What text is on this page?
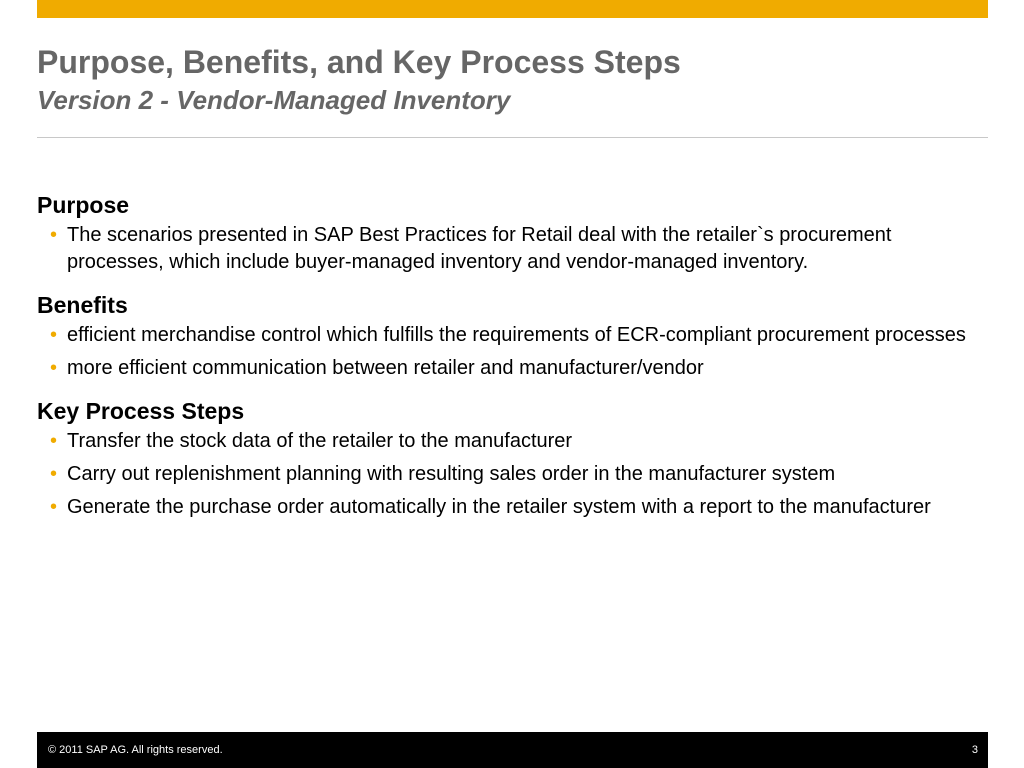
Purpose, Benefits, and Key Process Steps
Version 2 - Vendor-Managed Inventory
Purpose
• The scenarios presented in SAP Best Practices for Retail deal with the retailer`s procurement processes, which include buyer-managed inventory and vendor-managed inventory.
Benefits
• efficient merchandise control which fulfills the requirements of ECR-compliant procurement processes
• more efficient communication between retailer and manufacturer/vendor
Key Process Steps
• Transfer the stock data of the retailer to the manufacturer
• Carry out replenishment planning with resulting sales order in the manufacturer system
• Generate the purchase order automatically in the retailer system with a report to the manufacturer
© 2011 SAP AG. All rights reserved.	3
